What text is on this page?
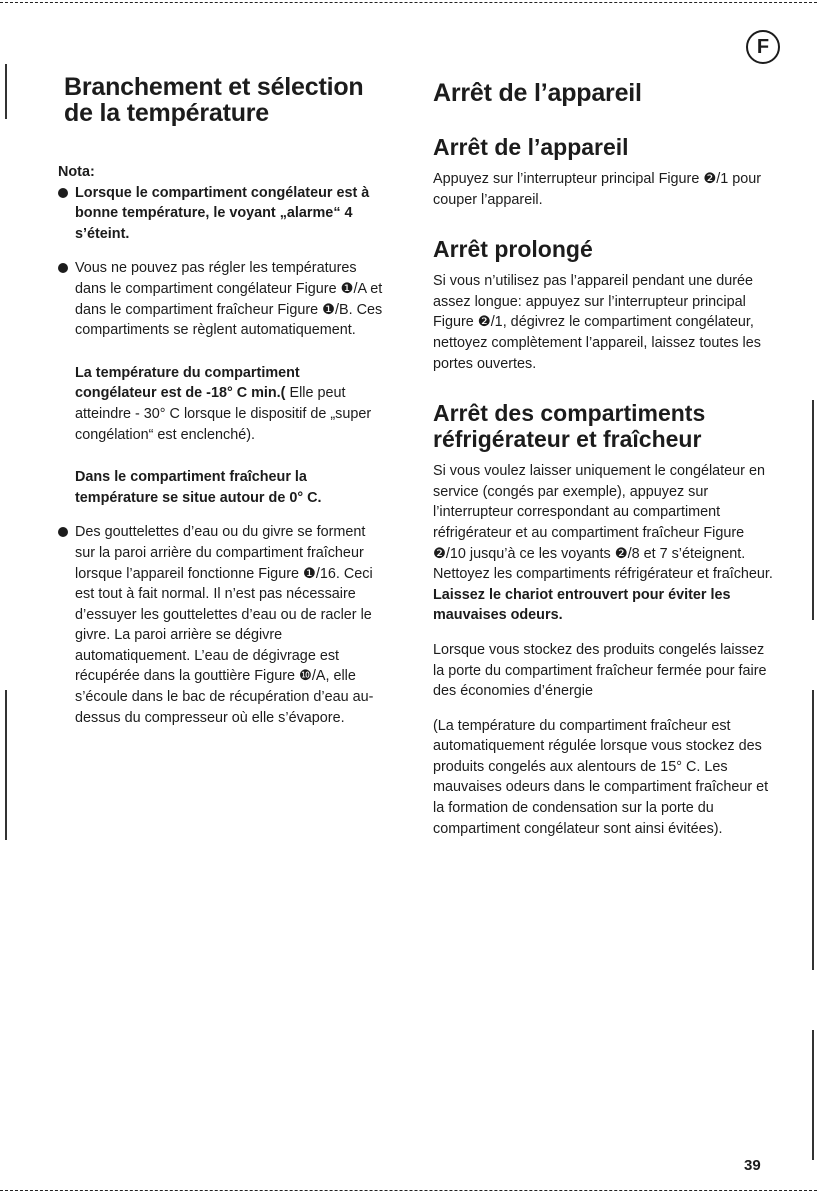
F
Branchement et sélection de la température

Nota:

Lorsque le compartiment congélateur est à bonne température, le voyant „alarme“ 4 s’éteint.

Vous ne pouvez pas régler les températures dans le compartiment congélateur Figure ❶/A et dans le compartiment fraîcheur Figure ❶/B. Ces compartiments se règlent automatiquement.

La température du compartiment congélateur est de -18° C min.( Elle peut atteindre - 30° C lorsque le dispositif de „super congélation“ est enclenché).

Dans le compartiment fraîcheur la température se situe autour de 0° C.

Des gouttelettes d’eau ou du givre se forment sur la paroi arrière du compartiment fraîcheur lorsque l’appareil fonctionne Figure ❶/16. Ceci est tout à fait normal. Il n’est pas nécessaire d’essuyer les gouttelettes d’eau ou de racler le givre. La paroi arrière se dégivre automatiquement. L’eau de dégivrage est récupérée dans la gouttière Figure ❿/A, elle s’écoule dans le bac de récupération d’eau au-dessus du compresseur où elle s’évapore.

Arrêt de l’appareil
Arrêt de l’appareil

Appuyez sur l’interrupteur principal Figure ❷/1 pour couper l’appareil.

Arrêt prolongé

Si vous n’utilisez pas l’appareil pendant une durée assez longue: appuyez sur l’interrupteur principal Figure ❷/1, dégivrez le compartiment congélateur, nettoyez complètement l’appareil, laissez toutes les portes ouvertes.

Arrêt des compartiments réfrigérateur et fraîcheur

Si vous voulez laisser uniquement le congélateur en service (congés par exemple), appuyez sur l’interrupteur correspondant au compartiment réfrigérateur et au compartiment fraîcheur Figure ❷/10 jusqu’à ce les voyants ❷/8 et 7 s’éteignent. Nettoyez les compartiments réfrigérateur et fraîcheur.

Laissez le chariot entrouvert pour éviter les mauvaises odeurs.

Lorsque vous stockez des produits congelés laissez la porte du compartiment fraîcheur fermée pour faire des économies d’énergie

(La température du compartiment fraîcheur est automatiquement régulée lorsque vous stockez des produits congelés aux alentours de 15° C. Les mauvaises odeurs dans le compartiment fraîcheur et la formation de condensation sur la porte du compartiment congélateur sont ainsi évitées).

39
